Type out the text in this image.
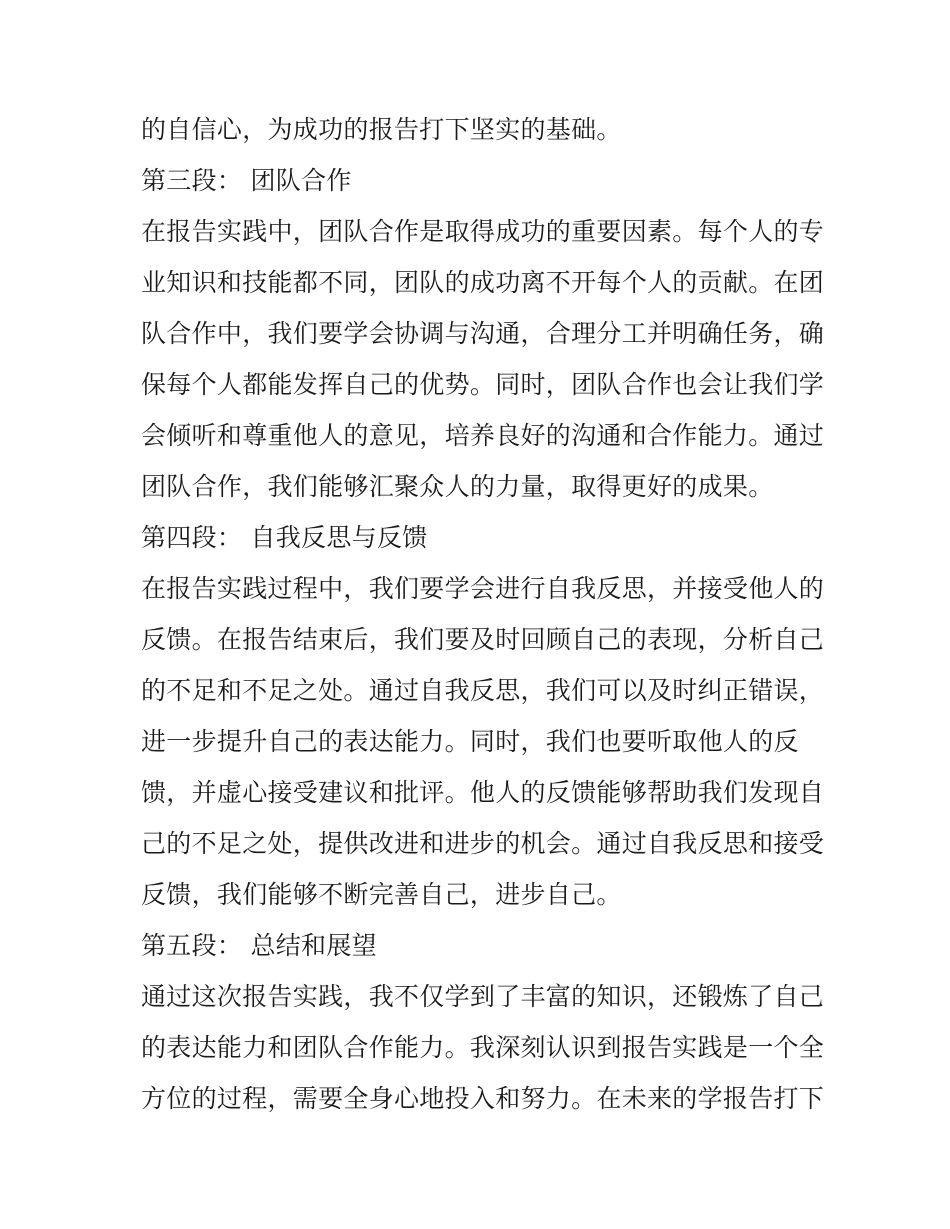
的自信心，为成功的报告打下坚实的基础。
第三段： 团队合作
在报告实践中，团队合作是取得成功的重要因素。每个人的专
业知识和技能都不同，团队的成功离不开每个人的贡献。在团
队合作中，我们要学会协调与沟通，合理分工并明确任务，确
保每个人都能发挥自己的优势。同时，团队合作也会让我们学
会倾听和尊重他人的意见，培养良好的沟通和合作能力。通过
团队合作，我们能够汇聚众人的力量，取得更好的成果。
第四段： 自我反思与反馈
在报告实践过程中，我们要学会进行自我反思，并接受他人的
反馈。在报告结束后，我们要及时回顾自己的表现，分析自己
的不足和不足之处。通过自我反思，我们可以及时纠正错误，
进一步提升自己的表达能力。同时，我们也要听取他人的反
馈，并虚心接受建议和批评。他人的反馈能够帮助我们发现自
己的不足之处，提供改进和进步的机会。通过自我反思和接受
反馈，我们能够不断完善自己，进步自己。
第五段： 总结和展望
通过这次报告实践，我不仅学到了丰富的知识，还锻炼了自己
的表达能力和团队合作能力。我深刻认识到报告实践是一个全
方位的过程，需要全身心地投入和努力。在未来的学报告打下
